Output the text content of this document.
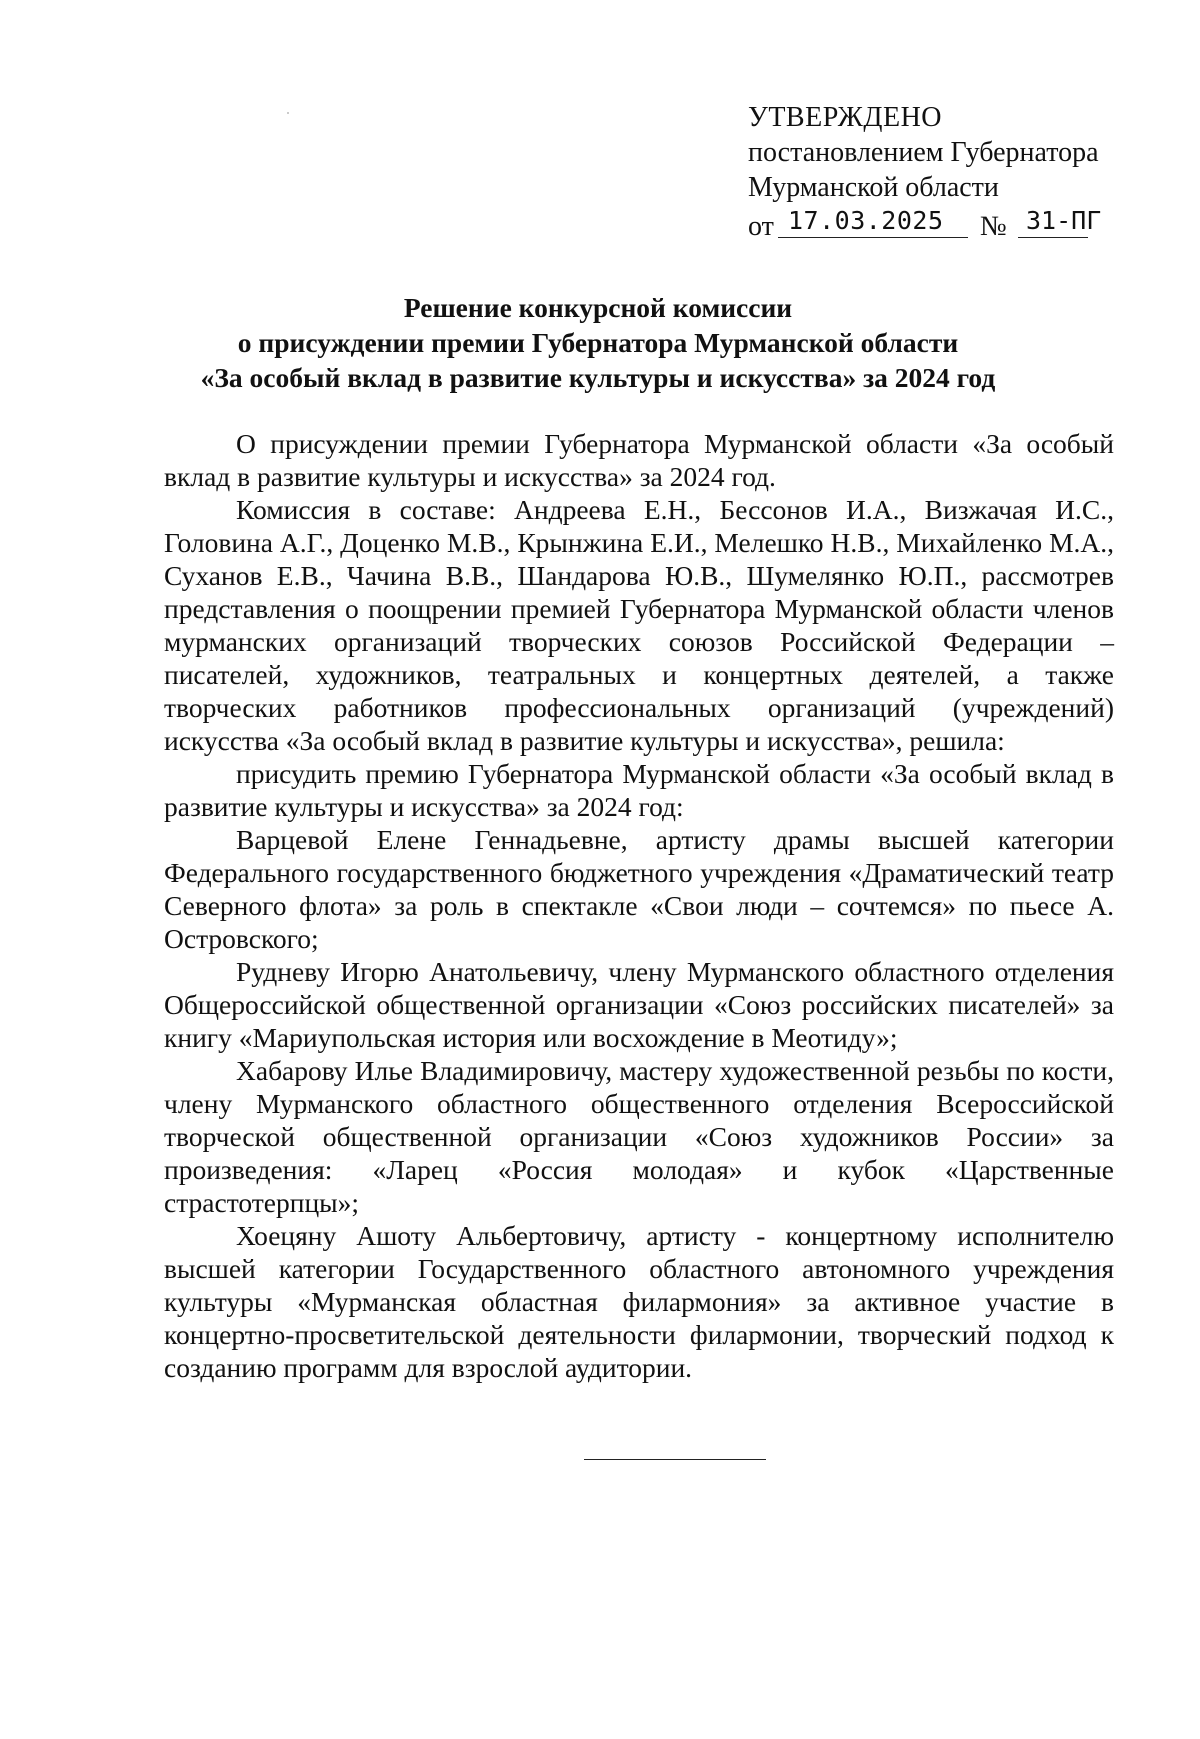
УТВЕРЖДЕНО
постановлением Губернатора
Мурманской области
от 17.03.2025 № 31-ПГ
Решение конкурсной комиссии
о присуждении премии Губернатора Мурманской области
«За особый вклад в развитие культуры и искусства» за 2024 год

О присуждении премии Губернатора Мурманской области «За особый вклад в развитие культуры и искусства» за 2024 год.

Комиссия в составе: Андреева Е.Н., Бессонов И.А., Визжачая И.С., Головина А.Г., Доценко М.В., Крынжина Е.И., Мелешко Н.В., Михайленко М.А., Суханов Е.В., Чачина В.В., Шандарова Ю.В., Шумелянко Ю.П., рассмотрев представления о поощрении премией Губернатора Мурманской области членов мурманских организаций творческих союзов Российской Федерации – писателей, художников, театральных и концертных деятелей, а также творческих работников профессиональных организаций (учреждений) искусства «За особый вклад в развитие культуры и искусства», решила:

присудить премию Губернатора Мурманской области «За особый вклад в развитие культуры и искусства» за 2024 год:

Варцевой Елене Геннадьевне, артисту драмы высшей категории Федерального государственного бюджетного учреждения «Драматический театр Северного флота» за роль в спектакле «Свои люди – сочтемся» по пьесе А. Островского;

Рудневу Игорю Анатольевичу, члену Мурманского областного отделения Общероссийской общественной организации «Союз российских писателей» за книгу «Мариупольская история или восхождение в Меотиду»;

Хабарову Илье Владимировичу, мастеру художественной резьбы по кости, члену Мурманского областного общественного отделения Всероссийской творческой общественной организации «Союз художников России» за произведения: «Ларец «Россия молодая» и кубок «Царственные страстотерпцы»;

Хоецяну Ашоту Альбертовичу, артисту - концертному исполнителю высшей категории Государственного областного автономного учреждения культуры «Мурманская областная филармония» за активное участие в концертно-просветительской деятельности филармонии, творческий подход к созданию программ для взрослой аудитории.
